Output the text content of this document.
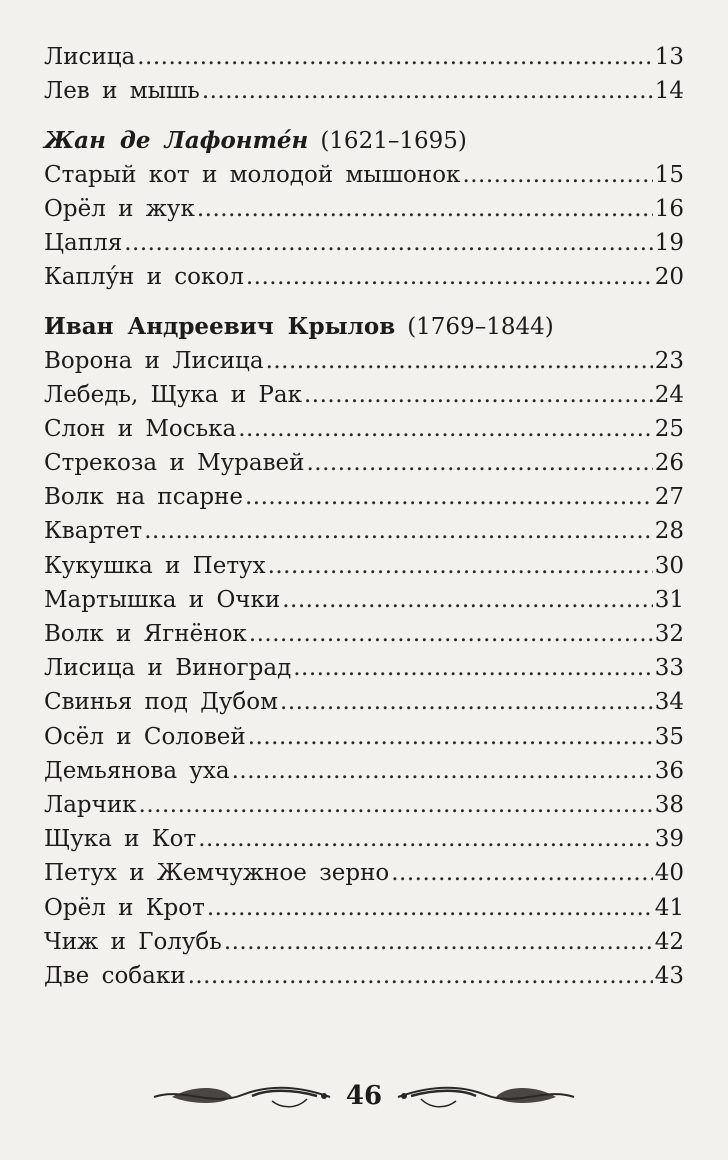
Лисица .....	13
Лев и мышь .....	14
Жан де Лафонте́н (1621–1695)
Старый кот и молодой мышонок .....	15
Орёл и жук .....	16
Цапля .....	19
Каплу́н и сокол .....	20
Иван Андреевич Крылов (1769–1844)
Ворона и Лисица .....	23
Лебедь, Щука и Рак .....	24
Слон и Моська .....	25
Стрекоза и Муравей .....	26
Волк на псарне .....	27
Квартет .....	28
Кукушка и Петух .....	30
Мартышка и Очки .....	31
Волк и Ягнёнок .....	32
Лисица и Виноград .....	33
Свинья под Дубом .....	34
Осёл и Соловей .....	35
Демьянова уха .....	36
Ларчик .....	38
Щука и Кот .....	39
Петух и Жемчужное зерно .....	40
Орёл и Крот .....	41
Чиж и Голубь .....	42
Две собаки .....	43
46
